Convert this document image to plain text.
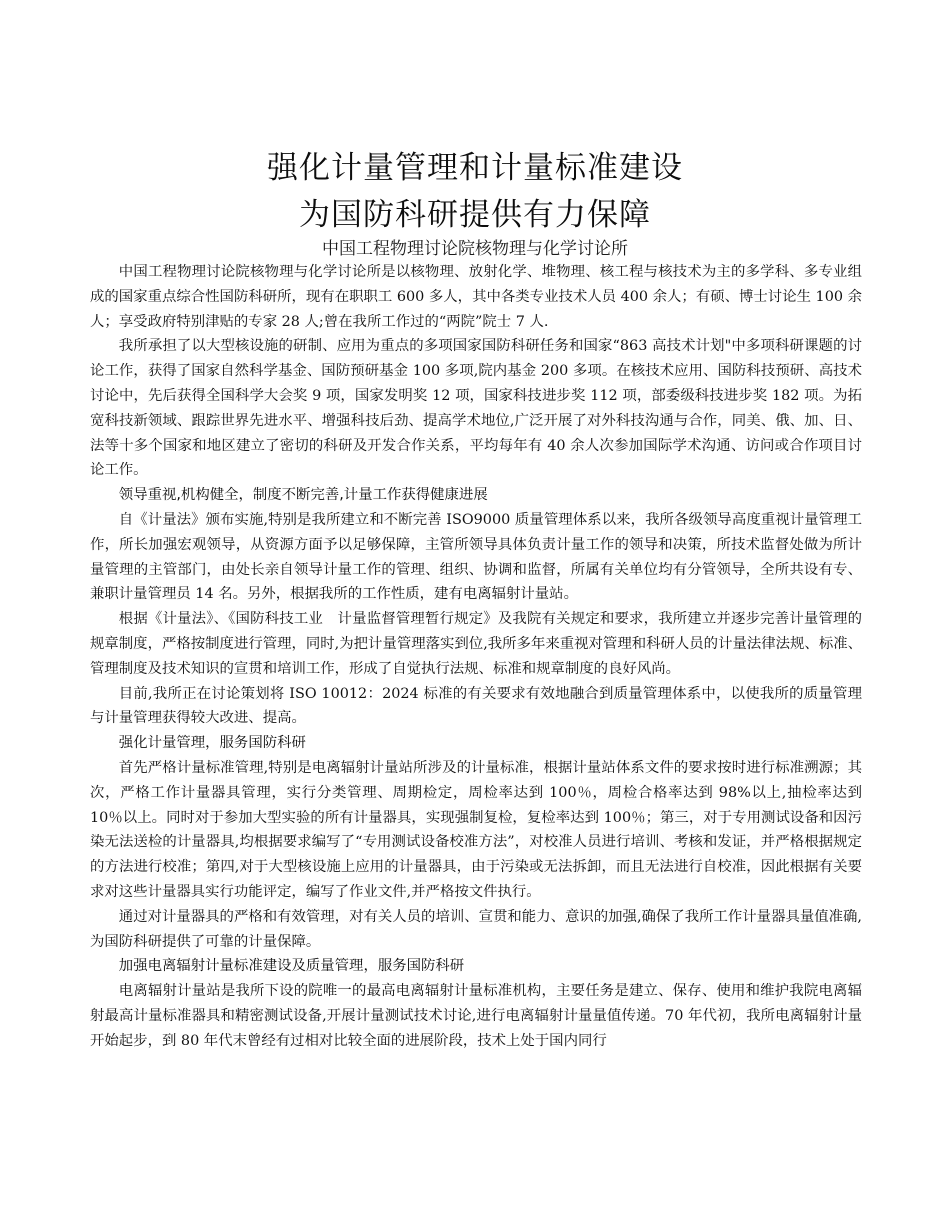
强化计量管理和计量标准建设
为国防科研提供有力保障
中国工程物理讨论院核物理与化学讨论所

中国工程物理讨论院核物理与化学讨论所是以核物理、放射化学、堆物理、核工程与核技术为主的多学科、多专业组成的国家重点综合性国防科研所，现有在职职工 600 多人，其中各类专业技术人员 400 余人；有硕、博士讨论生 100 余人；享受政府特别津贴的专家 28 人;曾在我所工作过的“两院”院士 7 人.

我所承担了以大型核设施的研制、应用为重点的多项国家国防科研任务和国家“863 高技术计划"中多项科研课题的讨论工作，获得了国家自然科学基金、国防预研基金 100 多项,院内基金 200 多项。在核技术应用、国防科技预研、高技术讨论中，先后获得全国科学大会奖 9 项，国家发明奖 12 项，国家科技进步奖 112 项，部委级科技进步奖 182 项。为拓宽科技新领域、跟踪世界先进水平、增强科技后劲、提高学术地位,广泛开展了对外科技沟通与合作，同美、俄、加、日、法等十多个国家和地区建立了密切的科研及开发合作关系，平均每年有 40 余人次参加国际学术沟通、访问或合作项目讨论工作。

领导重视,机构健全，制度不断完善,计量工作获得健康进展

自《计量法》颁布实施,特别是我所建立和不断完善 ISO9000 质量管理体系以来，我所各级领导高度重视计量管理工作，所长加强宏观领导，从资源方面予以足够保障，主管所领导具体负责计量工作的领导和决策，所技术监督处做为所计量管理的主管部门，由处长亲自领导计量工作的管理、组织、协调和监督，所属有关单位均有分管领导，全所共设有专、兼职计量管理员 14 名。另外，根据我所的工作性质，建有电离辐射计量站。

根据《计量法》、《国防科技工业　计量监督管理暂行规定》及我院有关规定和要求，我所建立并逐步完善计量管理的规章制度，严格按制度进行管理，同时,为把计量管理落实到位,我所多年来重视对管理和科研人员的计量法律法规、标准、管理制度及技术知识的宣贯和培训工作，形成了自觉执行法规、标准和规章制度的良好风尚。

目前,我所正在讨论策划将 ISO 10012：2024 标准的有关要求有效地融合到质量管理体系中，以使我所的质量管理与计量管理获得较大改进、提高。

强化计量管理，服务国防科研

首先严格计量标准管理,特别是电离辐射计量站所涉及的计量标准，根据计量站体系文件的要求按时进行标准溯源；其次，严格工作计量器具管理，实行分类管理、周期检定，周检率达到 100％，周检合格率达到 98%以上,抽检率达到 10％以上。同时对于参加大型实验的所有计量器具，实现强制复检，复检率达到 100％；第三，对于专用测试设备和因污染无法送检的计量器具,均根据要求编写了“专用测试设备校准方法”，对校准人员进行培训、考核和发证，并严格根据规定的方法进行校准；第四,对于大型核设施上应用的计量器具，由于污染或无法拆卸，而且无法进行自校准，因此根据有关要求对这些计量器具实行功能评定，编写了作业文件,并严格按文件执行。

通过对计量器具的严格和有效管理，对有关人员的培训、宣贯和能力、意识的加强,确保了我所工作计量器具量值准确,为国防科研提供了可靠的计量保障。

加强电离辐射计量标准建设及质量管理，服务国防科研

电离辐射计量站是我所下设的院唯一的最高电离辐射计量标准机构，主要任务是建立、保存、使用和维护我院电离辐射最高计量标准器具和精密测试设备,开展计量测试技术讨论,进行电离辐射计量量值传递。70 年代初，我所电离辐射计量开始起步，到 80 年代末曾经有过相对比较全面的进展阶段，技术上处于国内同行
